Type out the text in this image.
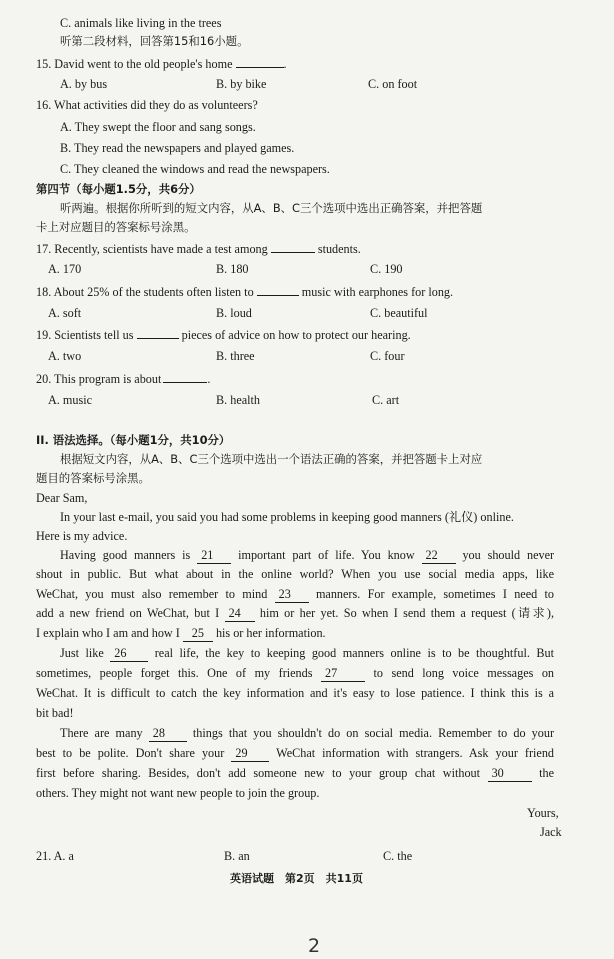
C. animals like living in the trees
听第二段材料，回答第15和16小题。
15. David went to the old people's home	.
A. by bus	B. by bike	C. on foot
16. What activities did they do as volunteers?
A. They swept the floor and sang songs.
B. They read the newspapers and played games.
C. They cleaned the windows and read the newspapers.
第四节（每小题1.5分，共6分）
听两遍。根据你所听到的短文内容，从A、B、C三个选项中选出正确答案，并把答题
卡上对应题目的答案标号涂黑。
17. Recently, scientists have made a test among	students.
A. 170	B. 180	C. 190
18. About 25% of the students often listen to	music with earphones for long.
A. soft	B. loud	C. beautiful
19. Scientists tell us	pieces of advice on how to protect our hearing.
A. two	B. three	C. four
20. This program is about	.
A. music	B. health	C. art
II. 语法选择。（每小题1分，共10分）
根据短文内容，从A、B、C三个选项中选出一个语法正确的答案，并把答题卡上对应
题目的答案标号涂黑。
Dear Sam,
In your last e-mail, you said you had some problems in keeping good manners (礼仪) online.
Here is my advice.
Having good manners is 21 important part of life. You know 22 you should never
shout in public. But what about in the online world? When you use social media apps, like
WeChat, you must also remember to mind 23 manners. For example, sometimes I need to
add a new friend on WeChat, but I 24 him or her yet. So when I send them a request (请求),
I explain who I am and how I 25 his or her information.
Just like 26 real life, the key to keeping good manners online is to be thoughtful. But
sometimes, people forget this. One of my friends 27	to send long voice messages on
WeChat. It is difficult to catch the key information and it's easy to lose patience. I think this is a
bit bad!
There are many 28 things that you shouldn't do on social media. Remember to do your
best to be polite. Don't share your 29 WeChat information with strangers. Ask your friend
first before sharing. Besides, don't add someone new to your group chat without 30	the
others. They might not want new people to join the group.
Yours,
Jack
21. A. a	B. an	C. the
英语试题　第2页　共11页
2
